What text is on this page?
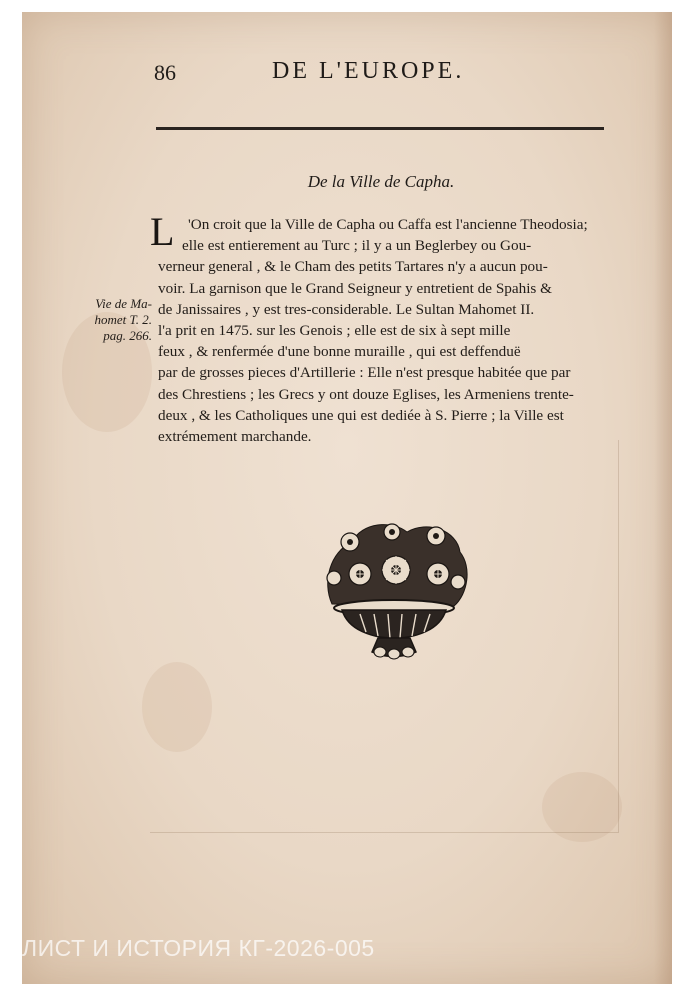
86	DE L'EUROPE.
De la Ville de Capha.
Vie de Ma-
homet T. 2.
pag. 266.
L 'On croit que la Ville de Capha ou Caffa est l'ancienne Theodosia;
elle est entierement au Turc ; il y a un Beglerbey ou Gou-
verneur general , & le Cham des petits Tartares n'y a aucun pou-
voir. La garnison que le Grand Seigneur y entretient de Spahis &
de Janissaires , y est tres-considerable. Le Sultan Mahomet II.
l'a prit en 1475. sur les Genois ; elle est de six à sept mille
feux , & renfermée d'une bonne muraille , qui est deffenduë
par de grosses pieces d'Artillerie : Elle n'est presque habitée que par
des Chrestiens ; les Grecs y ont douze Eglises, les Armeniens trente-
deux , & les Catholiques une qui est dediée à S. Pierre ; la Ville est
extrémement marchande.
ЛИСТ И ИСТОРИЯ КГ-2026-005
